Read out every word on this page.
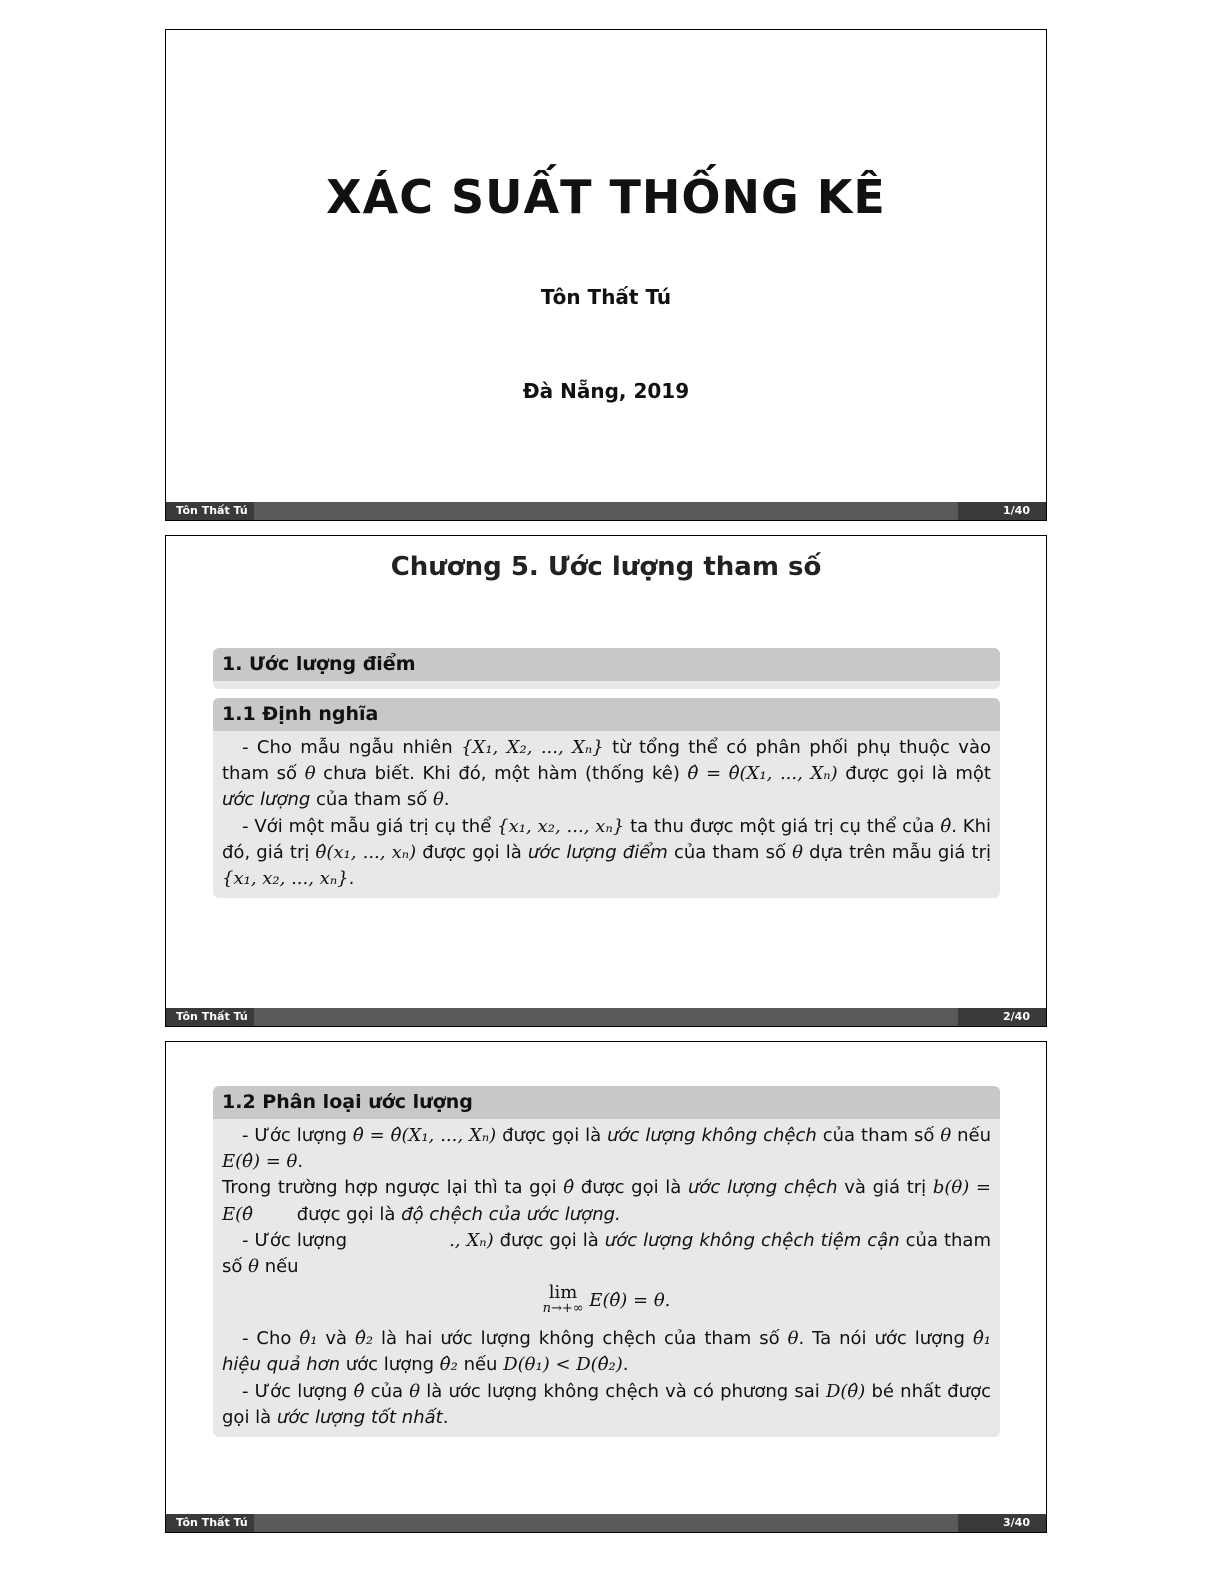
XÁC SUẤT THỐNG KÊ
Tôn Thất Tú
Đà Nẵng, 2019
Tôn Thất Tú	1/40
Chương 5. Ước lượng tham số
1. Ước lượng điểm
1.1 Định nghĩa

- Cho mẫu ngẫu nhiên {X₁, X₂, ..., Xₙ} từ tổng thể có phân phối phụ thuộc vào tham số θ chưa biết. Khi đó, một hàm (thống kê) θ̂ = θ̂(X₁, ..., Xₙ) được gọi là một ước lượng của tham số θ.

- Với một mẫu giá trị cụ thể {x₁, x₂, ..., xₙ} ta thu được một giá trị cụ thể của θ̂. Khi đó, giá trị θ̂(x₁, ..., xₙ) được gọi là ước lượng điểm của tham số θ dựa trên mẫu giá trị {x₁, x₂, ..., xₙ}.

Tôn Thất Tú	2/40
1.2 Phân loại ước lượng

- Ước lượng θ̂ = θ̂(X₁, ..., Xₙ) được gọi là ước lượng không chệch của tham số θ nếu E(θ̂) = θ.

Trong trường hợp ngược lại thì ta gọi θ̂ được gọi là ước lượng chệch và giá trị b(θ) = E(θ̂ được gọi là độ chệch của ước lượng.

- Ước lượng	., Xₙ) được gọi là ước lượng không chệch tiệm cận của tham số θ nếu

lim
n→+∞ E(θ̂) = θ.

- Cho θ̂₁ và θ̂₂ là hai ước lượng không chệch của tham số θ. Ta nói ước lượng θ̂₁ hiệu quả hơn ước lượng θ̂₂ nếu D(θ₁) < D(θ̂₂).

- Ước lượng θ̂ của θ là ước lượng không chệch và có phương sai D(θ̂) bé nhất được gọi là ước lượng tốt nhất.

Tôn Thất Tú	3/40
